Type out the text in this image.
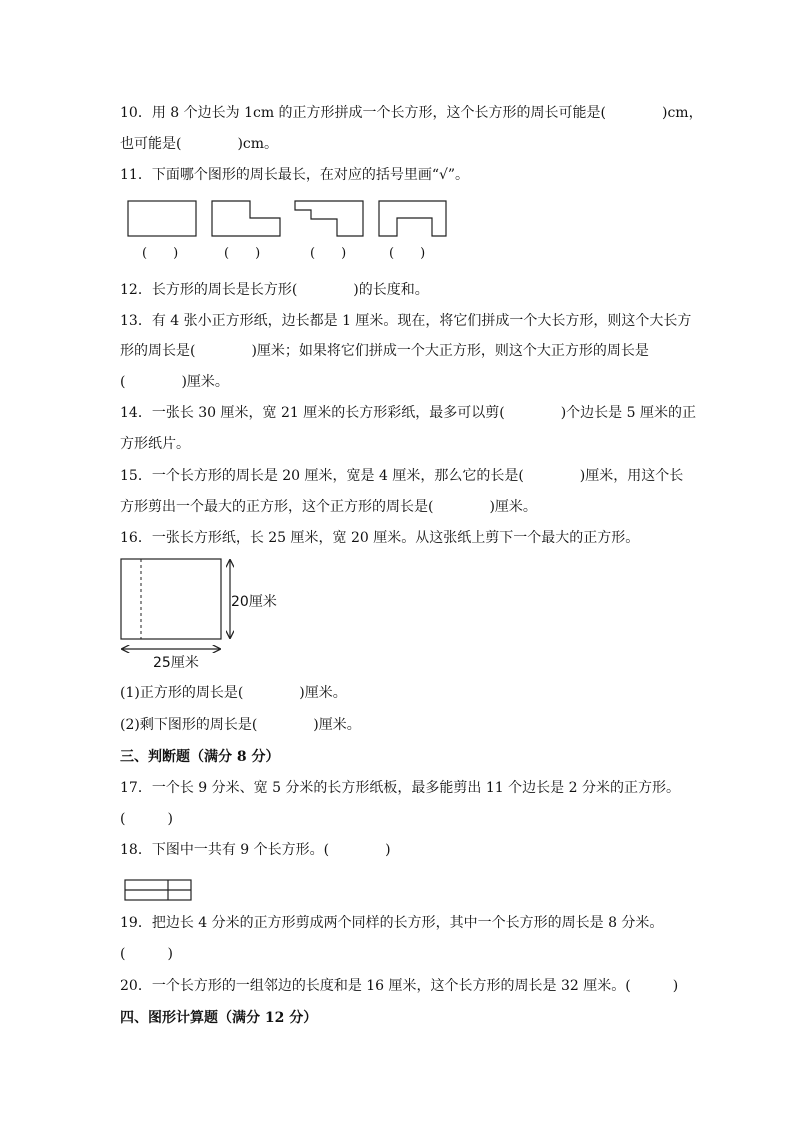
10．用 8 个边长为 1cm 的正方形拼成一个长方形，这个长方形的周长可能是(　　　　)cm，
也可能是(　　　　)cm。
11．下面哪个图形的周长最长，在对应的括号里画“√”。
(　　)	(　　)	(　　)	(　　)
12．长方形的周长是长方形(　　　　)的长度和。
13．有 4 张小正方形纸，边长都是 1 厘米。现在，将它们拼成一个大长方形，则这个大长方
形的周长是(　　　　)厘米；如果将它们拼成一个大正方形，则这个大正方形的周长是
(　　　　)厘米。
14．一张长 30 厘米，宽 21 厘米的长方形彩纸，最多可以剪(　　　　)个边长是 5 厘米的正
方形纸片。
15．一个长方形的周长是 20 厘米，宽是 4 厘米，那么它的长是(　　　　)厘米，用这个长
方形剪出一个最大的正方形，这个正方形的周长是(　　　　)厘米。
16．一张长方形纸，长 25 厘米，宽 20 厘米。从这张纸上剪下一个最大的正方形。
20厘米
25厘米
(1)正方形的周长是(　　　　)厘米。
(2)剩下图形的周长是(　　　　)厘米。
三、判断题（满分 8 分）
17．一个长 9 分米、宽 5 分米的长方形纸板，最多能剪出 11 个边长是 2 分米的正方形。
(　　　)
18．下图中一共有 9 个长方形。(　　　　)
19．把边长 4 分米的正方形剪成两个同样的长方形，其中一个长方形的周长是 8 分米。
(　　　)
20．一个长方形的一组邻边的长度和是 16 厘米，这个长方形的周长是 32 厘米。(　　　)
四、图形计算题（满分 12 分）
